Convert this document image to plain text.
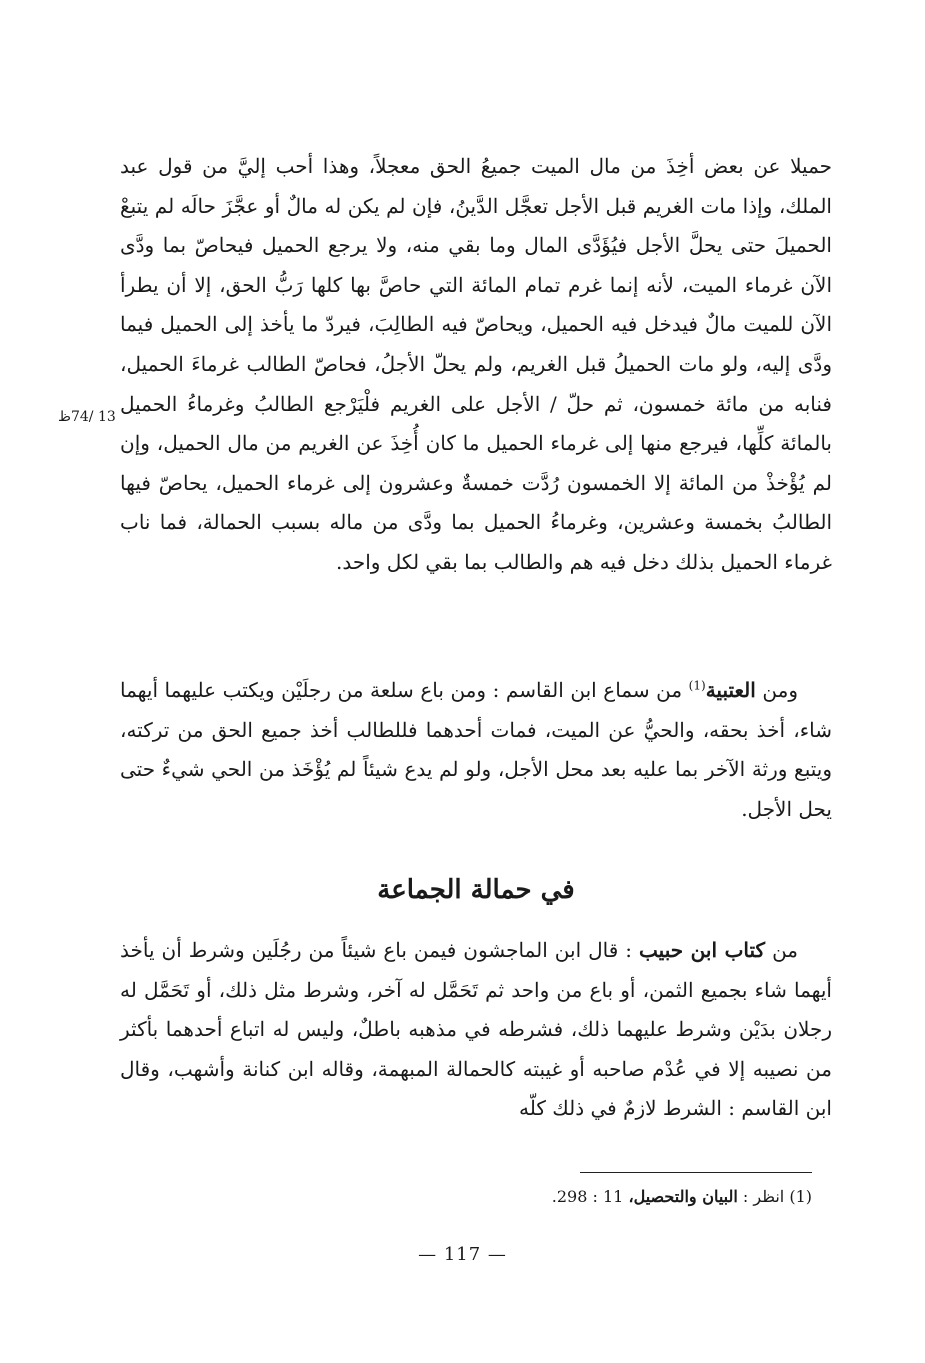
حميلا عن بعض أخِذَ من مال الميت جميعُ الحق معجلاً، وهذا أحب إليَّ من قول عبد الملك، وإذا مات الغريم قبل الأجل تعجَّل الدَّينُ، فإن لم يكن له مالٌ أو عجَّزَ حالَه لم يتبعْ الحميلَ حتى يحلَّ الأجل فيُؤَدَّى المال وما بقي منه، ولا يرجع الحميل فيحاصّ بما ودَّى الآن غرماء الميت، لأنه إنما غرم تمام المائة التي حاصَّ بها كلها رَبُّ الحق، إلا أن يطرأ الآن للميت مالٌ فيدخل فيه الحميل، ويحاصّ فيه الطالِبَ، فيردّ ما يأخذ إلى الحميل فيما ودَّى إليه، ولو مات الحميلُ قبل الغريم، ولم يحلّ الأجلُ، فحاصّ الطالب غرماءَ الحميل، فنابه من مائة خمسون، ثم حلّ / الأجل على الغريم فلْيَرْجع الطالبُ وغرماءُ الحميل بالمائة كلِّها، فيرجع منها إلى غرماء الحميل ما كان أُخِذَ عن الغريم من مال الحميل، وإن لم يُؤْخذْ من المائة إلا الخمسون رُدَّت خمسةٌ وعشرون إلى غرماء الحميل، يحاصّ فيها الطالبُ بخمسة وعشرين، وغرماءُ الحميل بما ودَّى من ماله بسبب الحمالة، فما ناب غرماء الحميل بذلك دخل فيه هم والطالب بما بقي لكل واحد.

13 /74ظ

ومن العتبية$^{(1)}$ من سماع ابن القاسم : ومن باع سلعة من رجلَيْن ويكتب عليهما أيهما شاء، أخذ بحقه، والحيُّ عن الميت، فمات أحدهما فللطالب أخذ جميع الحق من تركته، ويتبع ورثة الآخر بما عليه بعد محل الأجل، ولو لم يدع شيئاً لم يُؤْخَذ من الحي شيءٌ حتى يحل الأجل.

في حمالة الجماعة

من كتاب ابن حبيب : قال ابن الماجشون فيمن باع شيئاً من رجُلَين وشرط أن يأخذ أيهما شاء بجميع الثمن، أو باع من واحد ثم تَحَمَّل له آخر، وشرط مثل ذلك، أو تَحَمَّل له رجلان بدَيْن وشرط عليهما ذلك، فشرطه في مذهبه باطلٌ، وليس له اتباع أحدهما بأكثر من نصيبه إلا في عُدْم صاحبه أو غيبته كالحمالة المبهمة، وقاله ابن كنانة وأشهب، وقال ابن القاسم : الشرط لازمٌ في ذلك كلّه

(1) انظر : البيان والتحصيل، 11 : 298.
— 117 —
